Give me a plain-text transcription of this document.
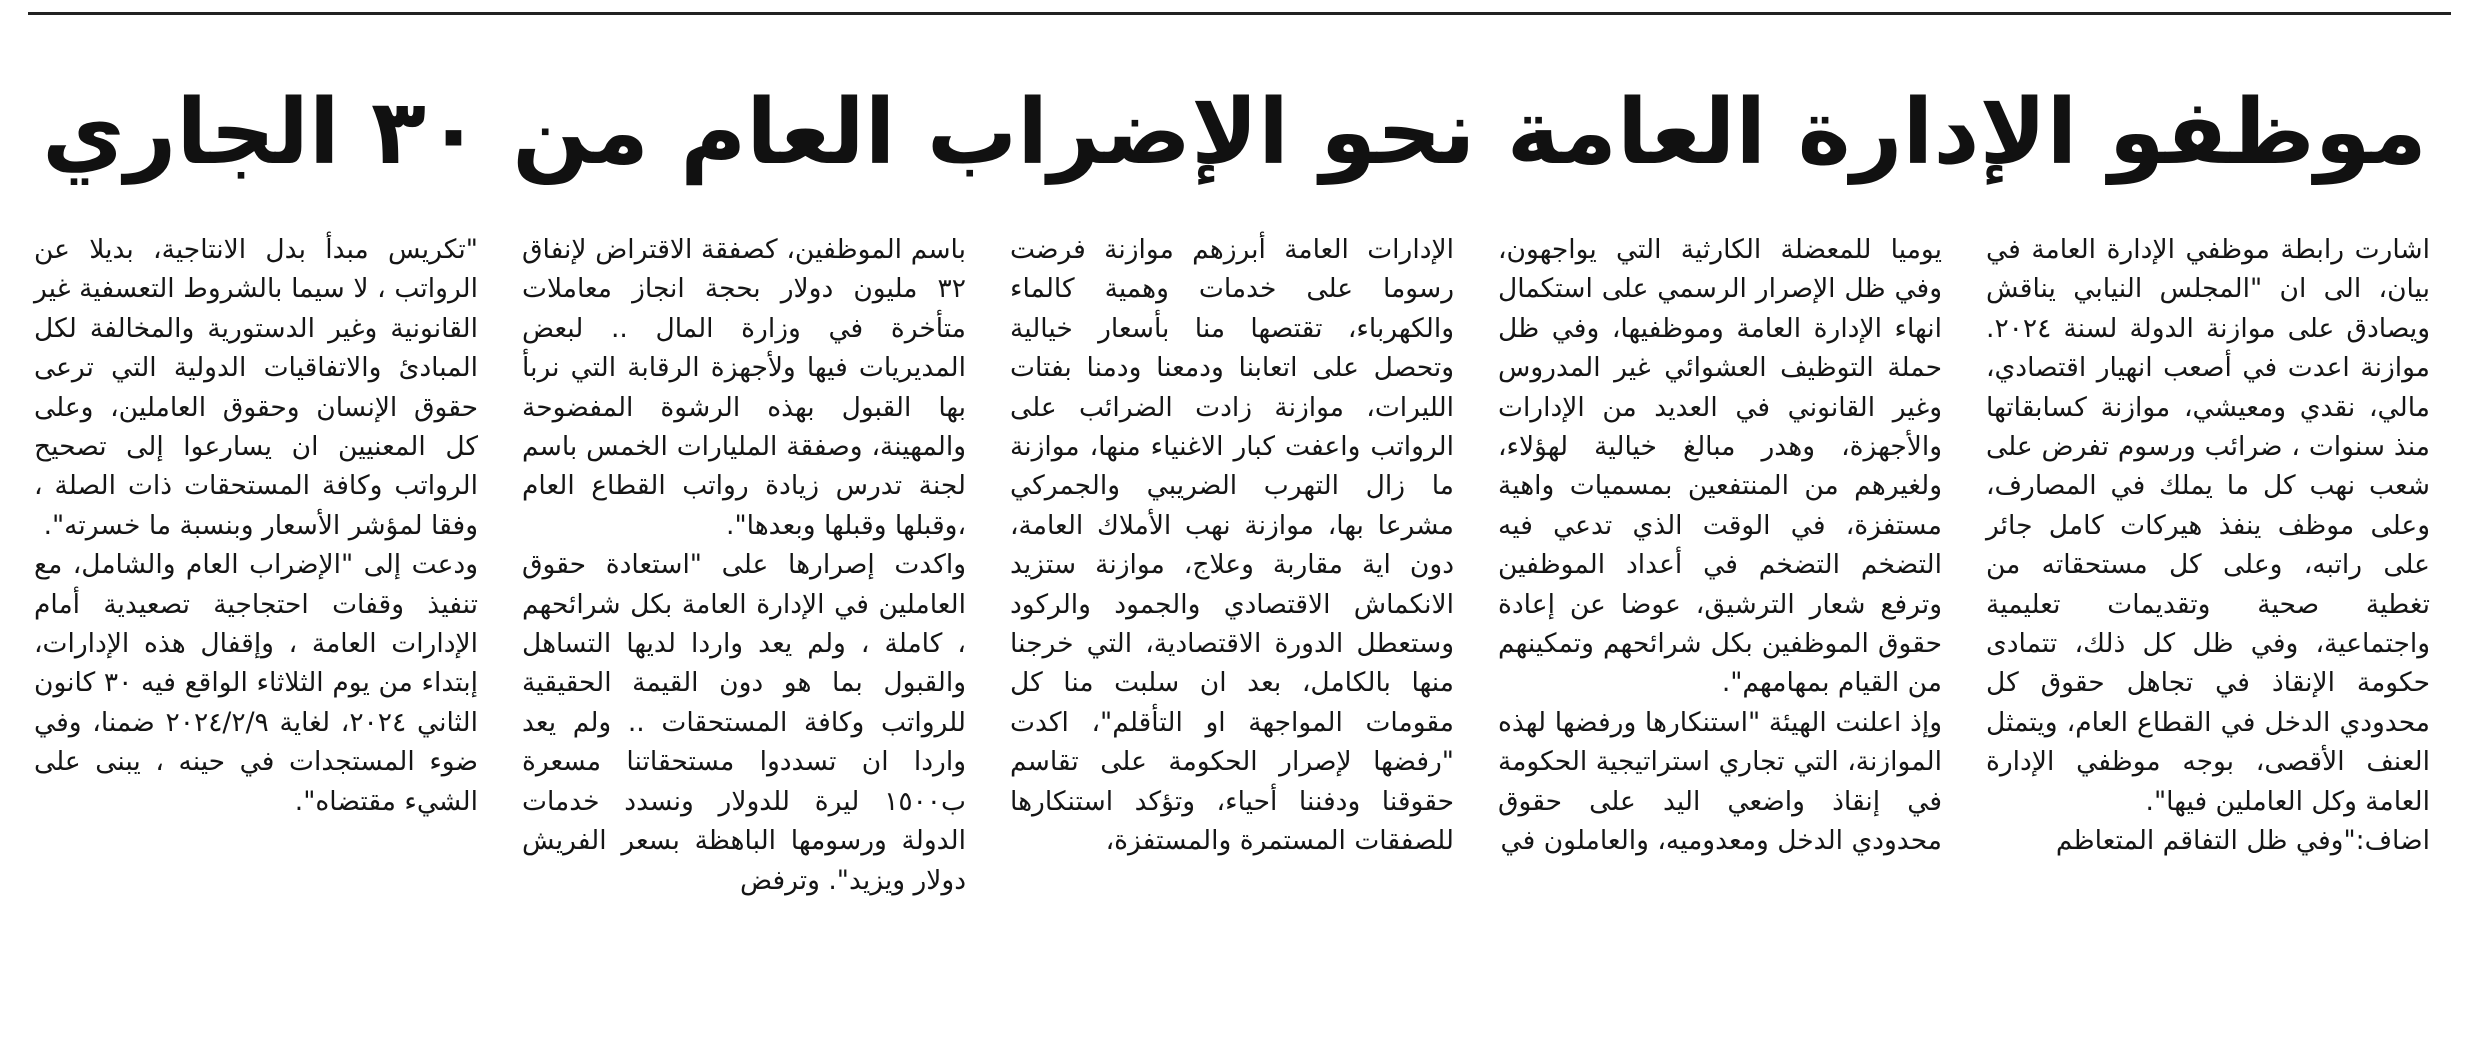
موظفو الإدارة العامة نحو الإضراب العام من ٣٠ الجاري

اشارت رابطة موظفي الإدارة العامة في بيان، الى ان "المجلس النيابي يناقش ويصادق على موازنة الدولة لسنة ٢٠٢٤. موازنة اعدت في أصعب انهيار اقتصادي، مالي، نقدي ومعيشي، موازنة كسابقاتها منذ سنوات ، ضرائب ورسوم تفرض على شعب نهب كل ما يملك في المصارف، وعلى موظف ينفذ هيركات كامل جائر على راتبه، وعلى كل مستحقاته من تغطية صحية وتقديمات تعليمية واجتماعية، وفي ظل كل ذلك، تتمادى حكومة الإنقاذ في تجاهل حقوق كل محدودي الدخل في القطاع العام، ويتمثل العنف الأقصى، بوجه موظفي الإدارة العامة وكل العاملين فيها".

اضاف:"وفي ظل التفاقم المتعاظم

يوميا للمعضلة الكارثية التي يواجهون، وفي ظل الإصرار الرسمي على استكمال انهاء الإدارة العامة وموظفيها، وفي ظل حملة التوظيف العشوائي غير المدروس وغير القانوني في العديد من الإدارات والأجهزة، وهدر مبالغ خيالية لهؤلاء، ولغيرهم من المنتفعين بمسميات واهية مستفزة، في الوقت الذي تدعي فيه التضخم التضخم في أعداد الموظفين وترفع شعار الترشيق، عوضا عن إعادة حقوق الموظفين بكل شرائحهم وتمكينهم من القيام بمهامهم".

وإذ اعلنت الهيئة "استنكارها ورفضها لهذه الموازنة، التي تجاري استراتيجية الحكومة في إنقاذ واضعي اليد على حقوق محدودي الدخل ومعدوميه، والعاملون في

الإدارات العامة أبرزهم موازنة فرضت رسوما على خدمات وهمية كالماء والكهرباء، تقتصها منا بأسعار خيالية وتحصل على اتعابنا ودمعنا ودمنا بفتات الليرات، موازنة زادت الضرائب على الرواتب واعفت كبار الاغنياء منها، موازنة ما زال التهرب الضريبي والجمركي مشرعا بها، موازنة نهب الأملاك العامة، دون اية مقاربة وعلاج، موازنة ستزيد الانكماش الاقتصادي والجمود والركود وستعطل الدورة الاقتصادية، التي خرجنا منها بالكامل، بعد ان سلبت منا كل مقومات المواجهة او التأقلم"، اكدت "رفضها لإصرار الحكومة على تقاسم حقوقنا ودفننا أحياء، وتؤكد استنكارها للصفقات المستمرة والمستفزة،

باسم الموظفين، كصفقة الاقتراض لإنفاق ٣٢ مليون دولار بحجة انجاز معاملات متأخرة في وزارة المال .. لبعض المديريات فيها ولأجهزة الرقابة التي نربأ بها القبول بهذه الرشوة المفضوحة والمهينة، وصفقة المليارات الخمس باسم لجنة تدرس زيادة رواتب القطاع العام ،وقبلها وقبلها وبعدها".

واكدت إصرارها على "استعادة حقوق العاملين في الإدارة العامة بكل شرائحهم ، كاملة ، ولم يعد واردا لديها التساهل والقبول بما هو دون القيمة الحقيقية للرواتب وكافة المستحقات .. ولم يعد واردا ان تسددوا مستحقاتنا مسعرة ب١٥٠٠ ليرة للدولار ونسدد خدمات الدولة ورسومها الباهظة بسعر الفريش دولار ويزيد". وترفض

"تكريس مبدأ بدل الانتاجية، بديلا عن الرواتب ، لا سيما بالشروط التعسفية غير القانونية وغير الدستورية والمخالفة لكل المبادئ والاتفاقيات الدولية التي ترعى حقوق الإنسان وحقوق العاملين، وعلى كل المعنيين ان يسارعوا إلى تصحيح الرواتب وكافة المستحقات ذات الصلة ، وفقا لمؤشر الأسعار وبنسبة ما خسرته".

ودعت إلى "الإضراب العام والشامل، مع تنفيذ وقفات احتجاجية تصعيدية أمام الإدارات العامة ، وإقفال هذه الإدارات، إبتداء من يوم الثلاثاء الواقع فيه ٣٠ كانون الثاني ٢٠٢٤، لغاية ٢٠٢٤/٢/٩ ضمنا، وفي ضوء المستجدات في حينه ، يبنى على الشيء مقتضاه".
